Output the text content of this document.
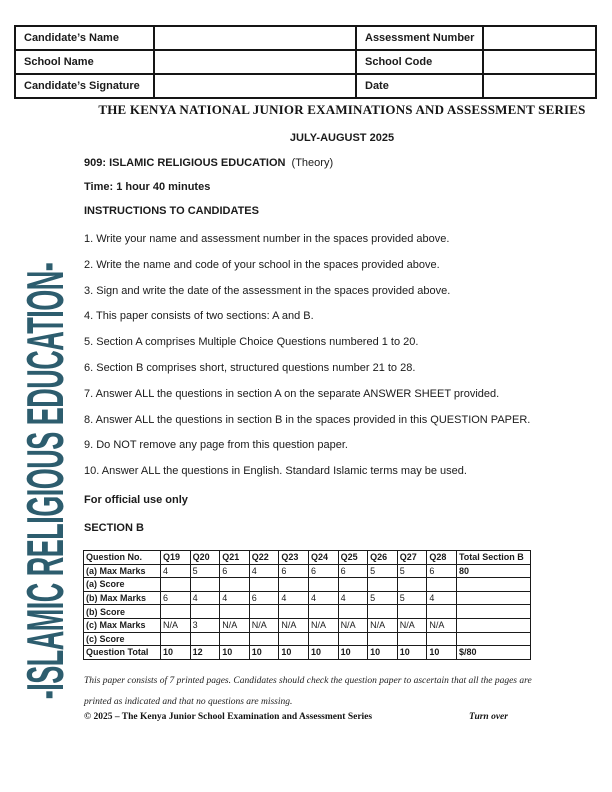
-ISLAMIC RELIGIOUS EDUCATION-
Candidate’s Name		Assessment Number	
School Name		School Code	
Candidate’s Signature		Date	
THE KENYA NATIONAL JUNIOR EXAMINATIONS AND ASSESSMENT SERIES
JULY-AUGUST 2025
909: ISLAMIC RELIGIOUS EDUCATION (Theory)
Time: 1 hour 40 minutes
INSTRUCTIONS TO CANDIDATES
1. Write your name and assessment number in the spaces provided above.
2. Write the name and code of your school in the spaces provided above.
3. Sign and write the date of the assessment in the spaces provided above.
4. This paper consists of two sections: A and B.
5. Section A comprises Multiple Choice Questions numbered 1 to 20.
6. Section B comprises short, structured questions number 21 to 28.
7. Answer ALL the questions in section A on the separate ANSWER SHEET provided.
8. Answer ALL the questions in section B in the spaces provided in this QUESTION PAPER.
9. Do NOT remove any page from this question paper.
10. Answer ALL the questions in English. Standard Islamic terms may be used.
For official use only
SECTION B
Question No.	Q19	Q20	Q21	Q22	Q23	Q24	Q25	Q26	Q27	Q28	Total Section B
(a) Max Marks	4	5	6	4	6	6	6	5	5	6	80
(a) Score											
(b) Max Marks	6	4	4	6	4	4	4	5	5	4	
(b) Score											
(c) Max Marks	N/A	3	N/A	N/A	N/A	N/A	N/A	N/A	N/A	N/A	
(c) Score											
Question Total	10	12	10	10	10	10	10	10	10	10	$/80
This paper consists of 7 printed pages. Candidates should check the question paper to ascertain that all the pages are
printed as indicated and that no questions are missing.
© 2025 – The Kenya Junior School Examination and Assessment Series	Turn over
